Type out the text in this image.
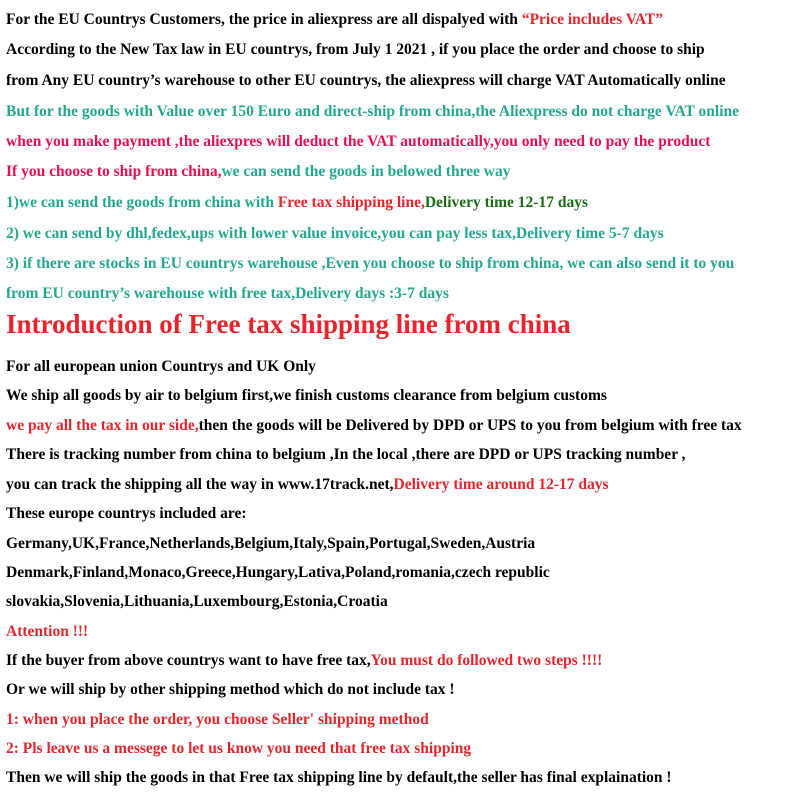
For the EU Countrys Customers, the price in aliexpress are all dispalyed with “Price includes VAT”
According to the New Tax law in EU countrys, from July 1 2021 , if you place the order and choose to ship
from Any EU country’s warehouse to other EU countrys, the aliexpress will charge VAT Automatically online
But for the goods with Value over 150 Euro and direct-ship from china,the Aliexpress do not charge VAT online
when you make payment ,the aliexpres will deduct the VAT automatically,you only need to pay the product
If you choose to ship from china,we can send the goods in belowed three way
1)we can send the goods from china with Free tax shipping line,Delivery time 12-17 days
2) we can send by dhl,fedex,ups with lower value invoice,you can pay less tax,Delivery time 5-7 days
3) if there are stocks in EU countrys warehouse ,Even you choose to ship from china, we can also send it to you
from EU country’s warehouse with free tax,Delivery days :3-7 days
Introduction of Free tax shipping line from china
For all european union Countrys and UK Only
We ship all goods by air to belgium first,we finish customs clearance from belgium customs
we pay all the tax in our side,then the goods will be Delivered by DPD or UPS to you from belgium with free tax
There is tracking number from china to belgium ,In the local ,there are DPD or UPS tracking number ,
you can track the shipping all the way in www.17track.net,Delivery time around 12-17 days
These europe countrys included are:
Germany,UK,France,Netherlands,Belgium,Italy,Spain,Portugal,Sweden,Austria
Denmark,Finland,Monaco,Greece,Hungary,Lativa,Poland,romania,czech republic
slovakia,Slovenia,Lithuania,Luxembourg,Estonia,Croatia
Attention !!!
If the buyer from above countrys want to have free tax,You must do followed two steps !!!!
Or we will ship by other shipping method which do not include tax !
1: when you place the order, you choose Seller' shipping method
2: Pls leave us a messege to let us know you need that free tax shipping
Then we will ship the goods in that Free tax shipping line by default,the seller has final explaination !
